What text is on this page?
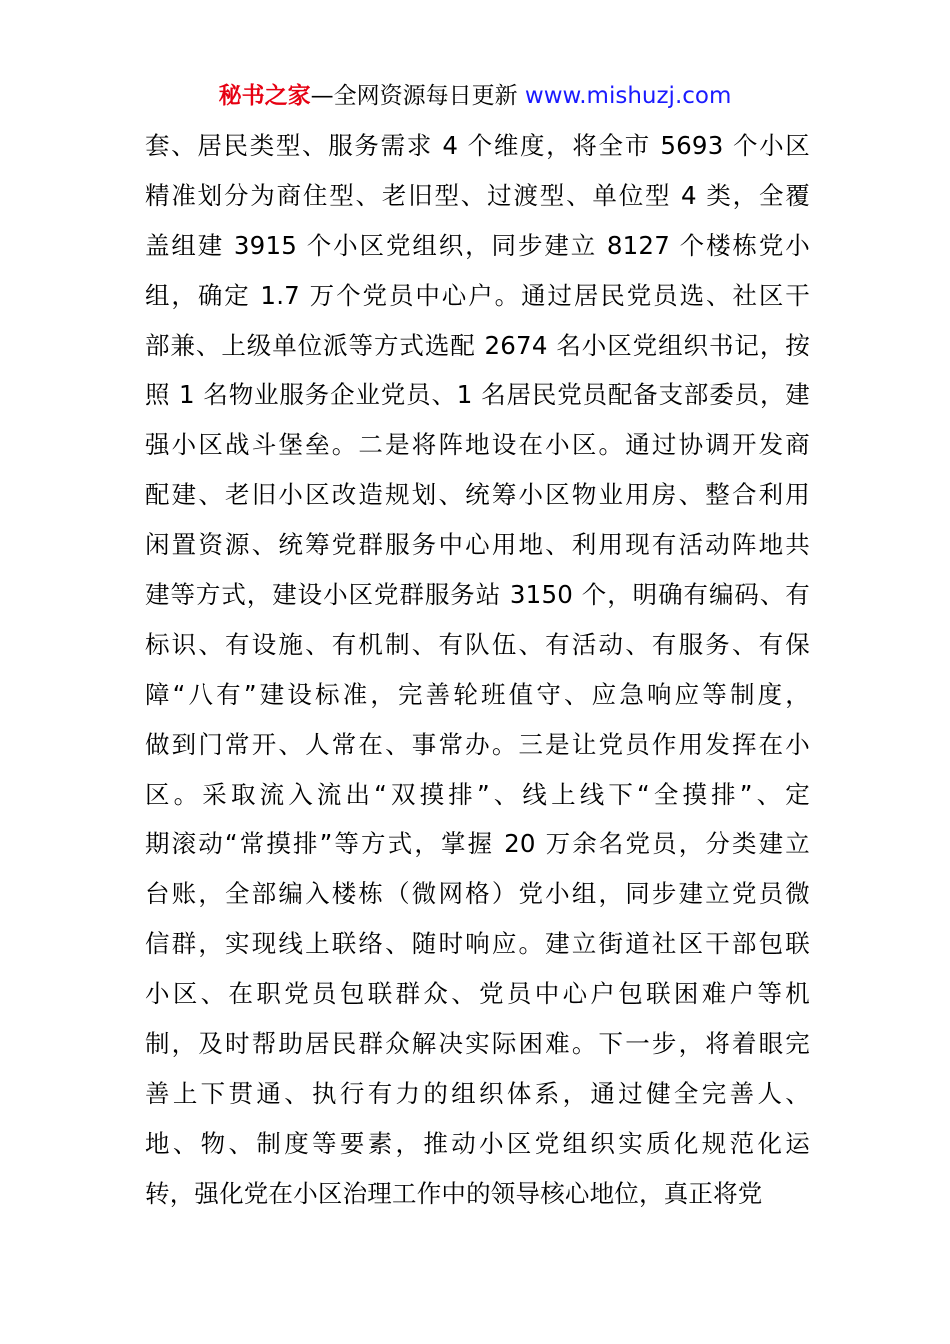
秘书之家—全网资源每日更新 www.mishuzj.com
套、居民类型、服务需求 4 个维度，将全市 5693 个小区
精准划分为商住型、老旧型、过渡型、单位型 4 类，全覆
盖组建 3915 个小区党组织，同步建立 8127 个楼栋党小
组，确定 1.7 万个党员中心户。通过居民党员选、社区干
部兼、上级单位派等方式选配 2674 名小区党组织书记，按
照 1 名物业服务企业党员、1 名居民党员配备支部委员，建
强小区战斗堡垒。二是将阵地设在小区。通过协调开发商
配建、老旧小区改造规划、统筹小区物业用房、整合利用
闲置资源、统筹党群服务中心用地、利用现有活动阵地共
建等方式，建设小区党群服务站 3150 个，明确有编码、有
标识、有设施、有机制、有队伍、有活动、有服务、有保
障“八有”建设标准，完善轮班值守、应急响应等制度，
做到门常开、人常在、事常办。三是让党员作用发挥在小
区。采取流入流出“双摸排”、线上线下“全摸排”、定
期滚动“常摸排”等方式，掌握 20 万余名党员，分类建立
台账，全部编入楼栋（微网格）党小组，同步建立党员微
信群，实现线上联络、随时响应。建立街道社区干部包联
小区、在职党员包联群众、党员中心户包联困难户等机
制，及时帮助居民群众解决实际困难。下一步，将着眼完
善上下贯通、执行有力的组织体系，通过健全完善人、
地、物、制度等要素，推动小区党组织实质化规范化运
转，强化党在小区治理工作中的领导核心地位，真正将党
